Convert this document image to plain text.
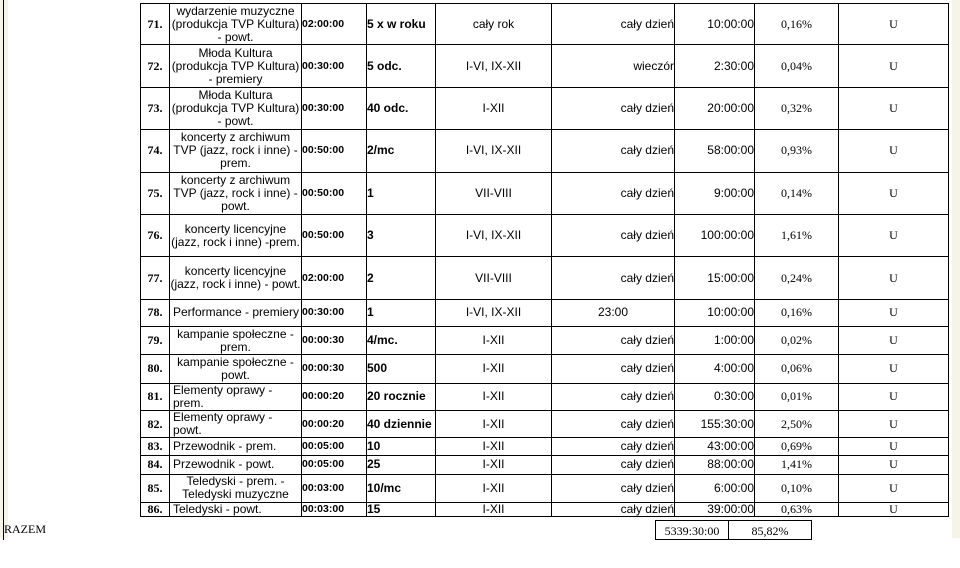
71.	wydarzenie muzyczne (produkcja TVP Kultura) - powt.	02:00:00	5 x w roku	cały rok	cały dzień	10:00:00	0,16%	U
72.	Młoda Kultura (produkcja TVP Kultura) - premiery	00:30:00	5 odc.	I-VI, IX-XII	wieczór	2:30:00	0,04%	U
73.	Młoda Kultura (produkcja TVP Kultura) - powt.	00:30:00	40 odc.	I-XII	cały dzień	20:00:00	0,32%	U
74.	koncerty z archiwum TVP (jazz, rock i inne) - prem.	00:50:00	2/mc	I-VI, IX-XII	cały dzień	58:00:00	0,93%	U
75.	koncerty z archiwum TVP (jazz, rock i inne) - powt.	00:50:00	1	VII-VIII	cały dzień	9:00:00	0,14%	U
76.	koncerty licencyjne (jazz, rock i inne) -prem.	00:50:00	3	I-VI, IX-XII	cały dzień	100:00:00	1,61%	U
77.	koncerty licencyjne (jazz, rock i inne) - powt.	02:00:00	2	VII-VIII	cały dzień	15:00:00	0,24%	U
78.	Performance - premiery	00:30:00	1	I-VI, IX-XII	23:00	10:00:00	0,16%	U
79.	kampanie społeczne - prem.	00:00:30	4/mc.	I-XII	cały dzień	1:00:00	0,02%	U
80.	kampanie społeczne - powt.	00:00:30	500	I-XII	cały dzień	4:00:00	0,06%	U
81.	Elementy oprawy - prem.	00:00:20	20 rocznie	I-XII	cały dzień	0:30:00	0,01%	U
82.	Elementy oprawy - powt.	00:00:20	40 dziennie	I-XII	cały dzień	155:30:00	2,50%	U
83.	Przewodnik - prem.	00:05:00	10	I-XII	cały dzień	43:00:00	0,69%	U
84.	Przewodnik - powt.	00:05:00	25	I-XII	cały dzień	88:00:00	1,41%	U
85.	Teledyski - prem. - Teledyski muzyczne	00:03:00	10/mc	I-XII	cały dzień	6:00:00	0,10%	U
86.	Teledyski - powt.	00:03:00	15	I-XII	cały dzień	39:00:00	0,63%	U
RAZEM	5339:30:00	85,82%
